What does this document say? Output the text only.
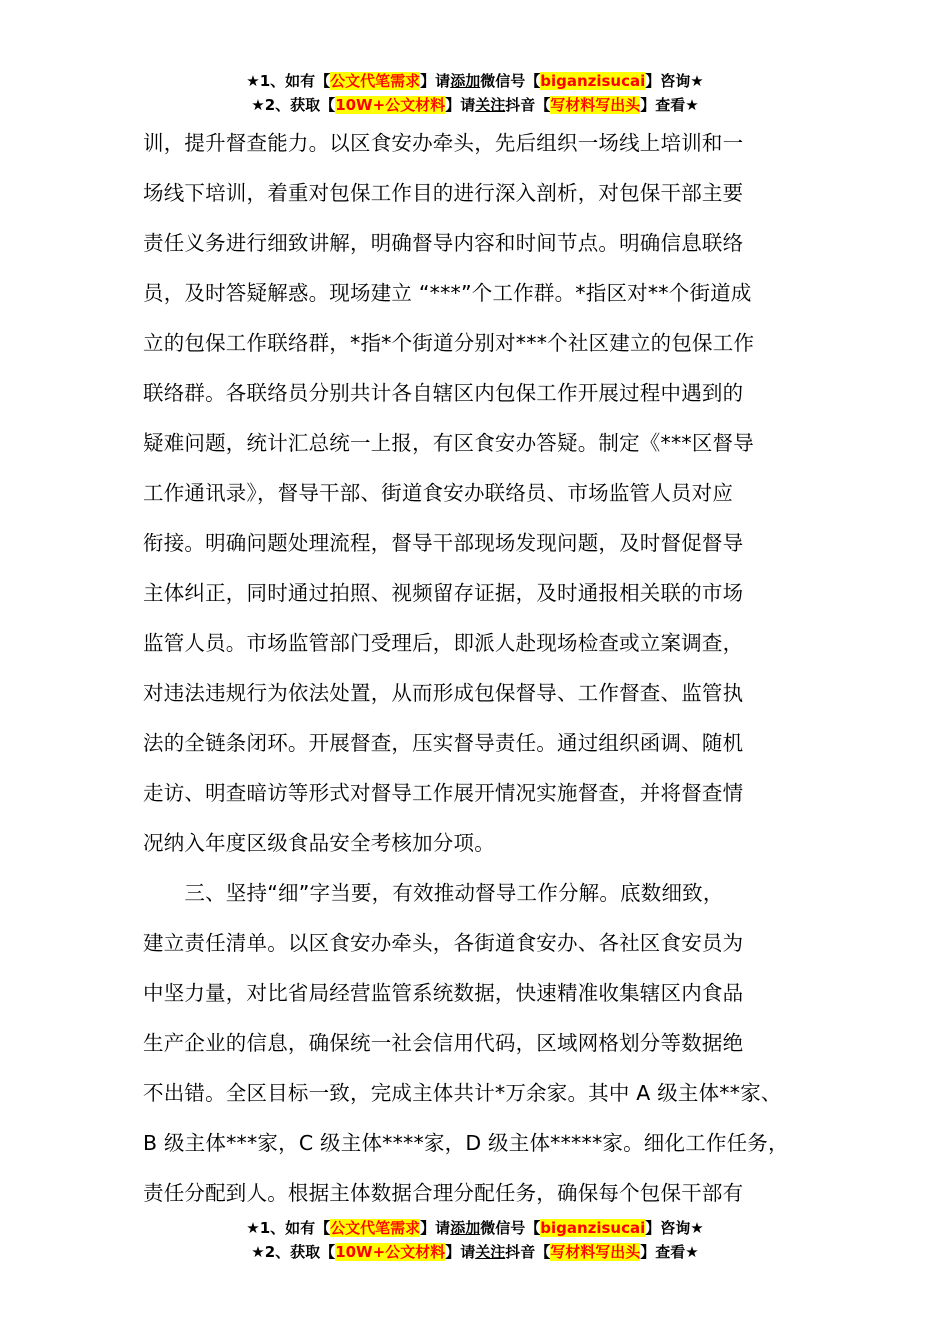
★1、如有【公文代笔需求】请添加微信号【biganzisucai】咨询★
★2、获取【10W+公文材料】请关注抖音【写材料写出头】查看★
训，提升督查能力。以区食安办牵头，先后组织一场线上培训和一
场线下培训，着重对包保工作目的进行深入剖析，对包保干部主要
责任义务进行细致讲解，明确督导内容和时间节点。明确信息联络
员，及时答疑解惑。现场建立 “***”个工作群。*指区对**个街道成
立的包保工作联络群，*指*个街道分别对***个社区建立的包保工作
联络群。各联络员分别共计各自辖区内包保工作开展过程中遇到的
疑难问题，统计汇总统一上报，有区食安办答疑。制定《***区督导
工作通讯录》，督导干部、街道食安办联络员、市场监管人员对应
衔接。明确问题处理流程，督导干部现场发现问题，及时督促督导
主体纠正，同时通过拍照、视频留存证据，及时通报相关联的市场
监管人员。市场监管部门受理后，即派人赴现场检查或立案调查，
对违法违规行为依法处置，从而形成包保督导、工作督查、监管执
法的全链条闭环。开展督查，压实督导责任。通过组织函调、随机
走访、明查暗访等形式对督导工作展开情况实施督查，并将督查情
况纳入年度区级食品安全考核加分项。
　　三、坚持“细”字当要，有效推动督导工作分解。底数细致，
建立责任清单。以区食安办牵头，各街道食安办、各社区食安员为
中坚力量，对比省局经营监管系统数据，快速精准收集辖区内食品
生产企业的信息，确保统一社会信用代码，区域网格划分等数据绝
不出错。全区目标一致，完成主体共计*万余家。其中 A 级主体**家、
B 级主体***家，C 级主体****家，D 级主体*****家。细化工作任务，
责任分配到人。根据主体数据合理分配任务，确保每个包保干部有
★1、如有【公文代笔需求】请添加微信号【biganzisucai】咨询★
★2、获取【10W+公文材料】请关注抖音【写材料写出头】查看★
